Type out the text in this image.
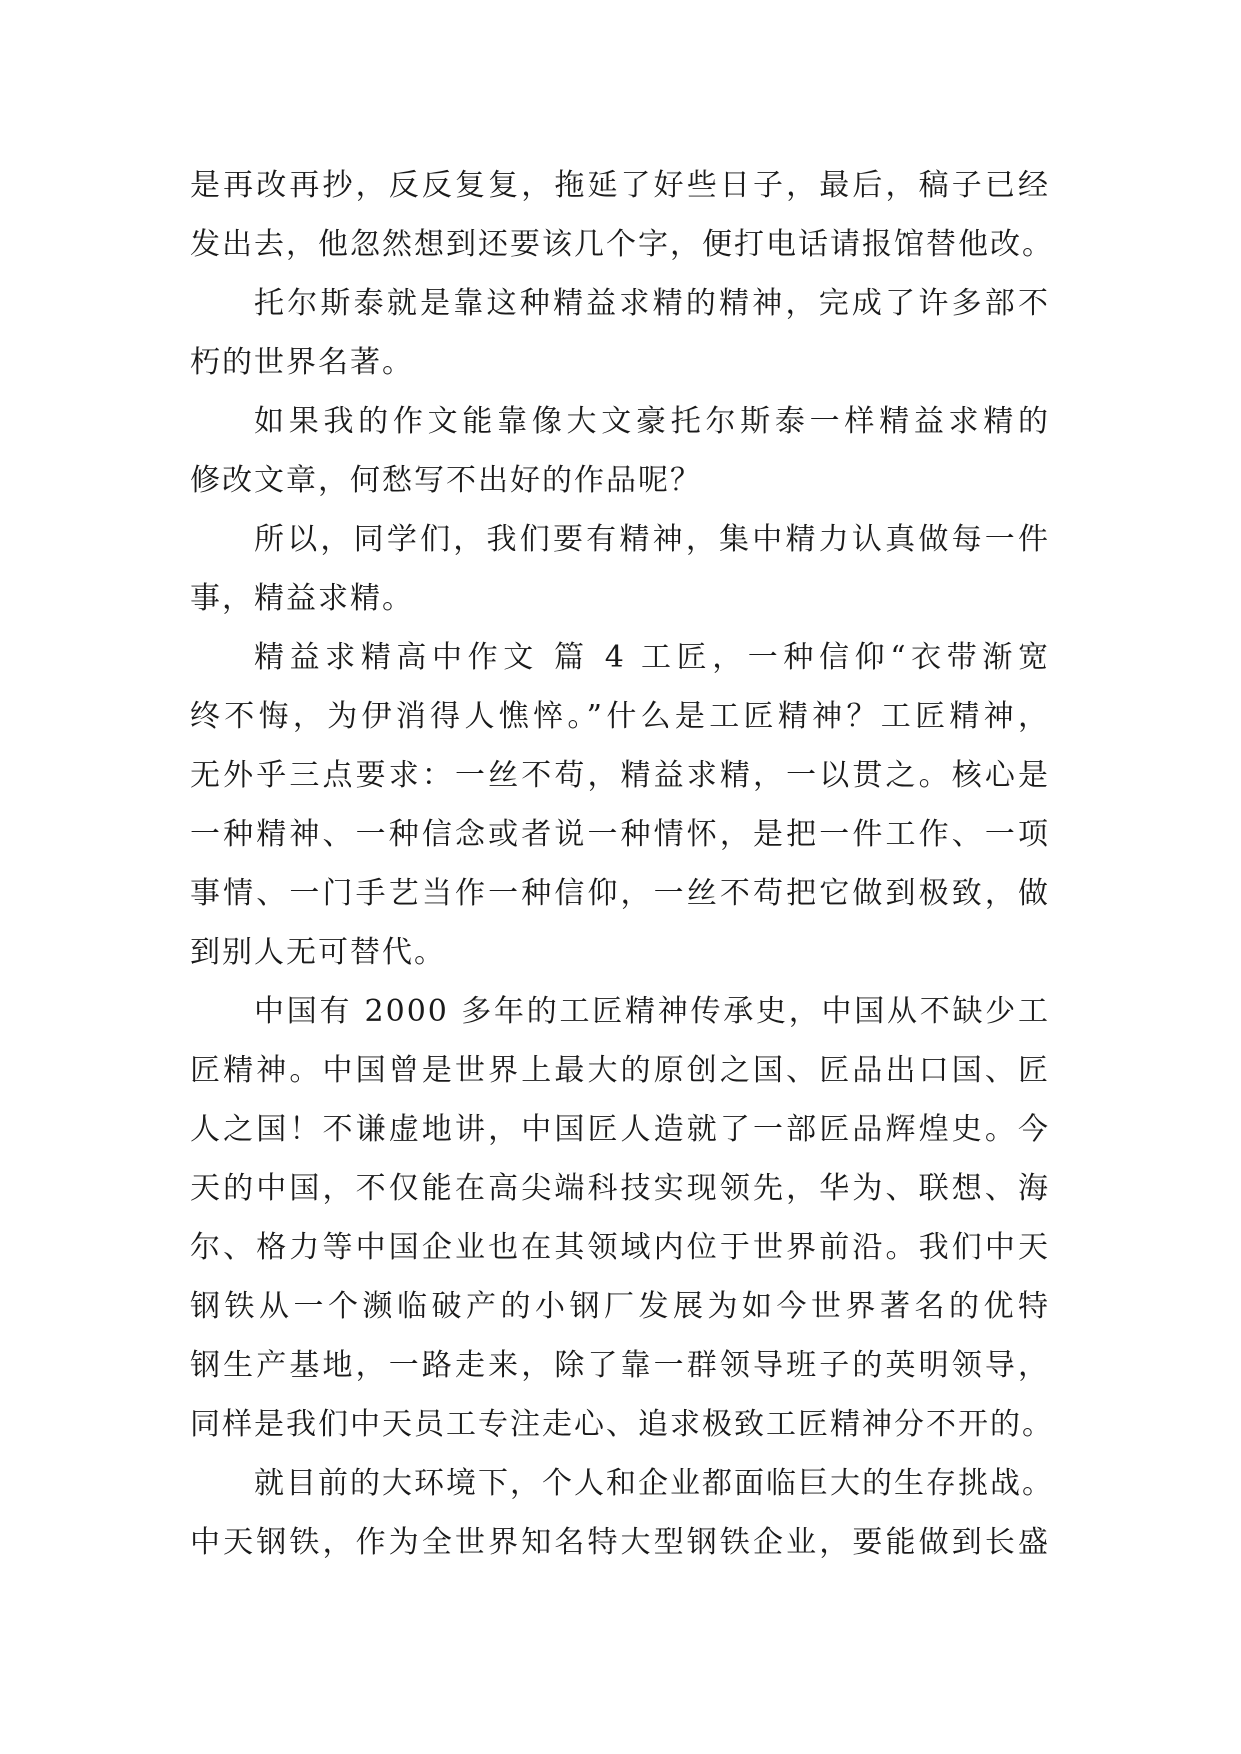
是再改再抄，反反复复，拖延了好些日子，最后，稿子已经
发出去，他忽然想到还要该几个字，便打电话请报馆替他改。
托尔斯泰就是靠这种精益求精的精神，完成了许多部不
朽的世界名著。
如果我的作文能靠像大文豪托尔斯泰一样精益求精的
修改文章，何愁写不出好的作品呢？
所以，同学们，我们要有精神，集中精力认真做每一件
事，精益求精。
精益求精高中作文 篇 4 工匠，一种信仰“衣带渐宽
终不悔，为伊消得人憔悴。”什么是工匠精神？工匠精神，
无外乎三点要求：一丝不苟，精益求精，一以贯之。核心是
一种精神、一种信念或者说一种情怀，是把一件工作、一项
事情、一门手艺当作一种信仰，一丝不苟把它做到极致，做
到别人无可替代。
中国有 2000 多年的工匠精神传承史，中国从不缺少工
匠精神。中国曾是世界上最大的原创之国、匠品出口国、匠
人之国！不谦虚地讲，中国匠人造就了一部匠品辉煌史。今
天的中国，不仅能在高尖端科技实现领先，华为、联想、海
尔、格力等中国企业也在其领域内位于世界前沿。我们中天
钢铁从一个濒临破产的小钢厂发展为如今世界著名的优特
钢生产基地，一路走来，除了靠一群领导班子的英明领导，
同样是我们中天员工专注走心、追求极致工匠精神分不开的。
就目前的大环境下，个人和企业都面临巨大的生存挑战。
中天钢铁，作为全世界知名特大型钢铁企业，要能做到长盛
